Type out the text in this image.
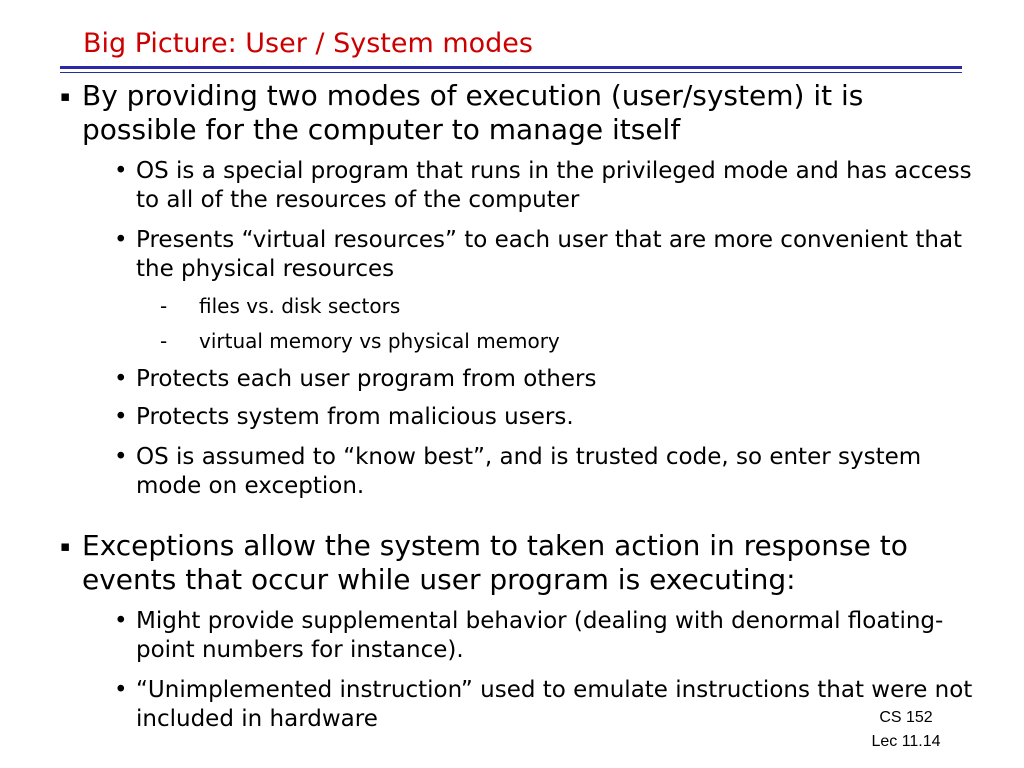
Big Picture: User / System modes
▪ By providing two modes of execution (user/system) it is possible for the computer to manage itself
• OS is a special program that runs in the privileged mode and has access to all of the resources of the computer
• Presents “virtual resources” to each user that are more convenient that the physical resources
- files vs. disk sectors
- virtual memory vs physical memory
• Protects each user program from others
• Protects system from malicious users.
• OS is assumed to “know best”, and is trusted code, so enter system mode on exception.
▪ Exceptions allow the system to taken action in response to events that occur while user program is executing:
• Might provide supplemental behavior (dealing with denormal floating-point numbers for instance).
• “Unimplemented instruction” used to emulate instructions that were not included in hardware	CS 152
Lec 11.14
